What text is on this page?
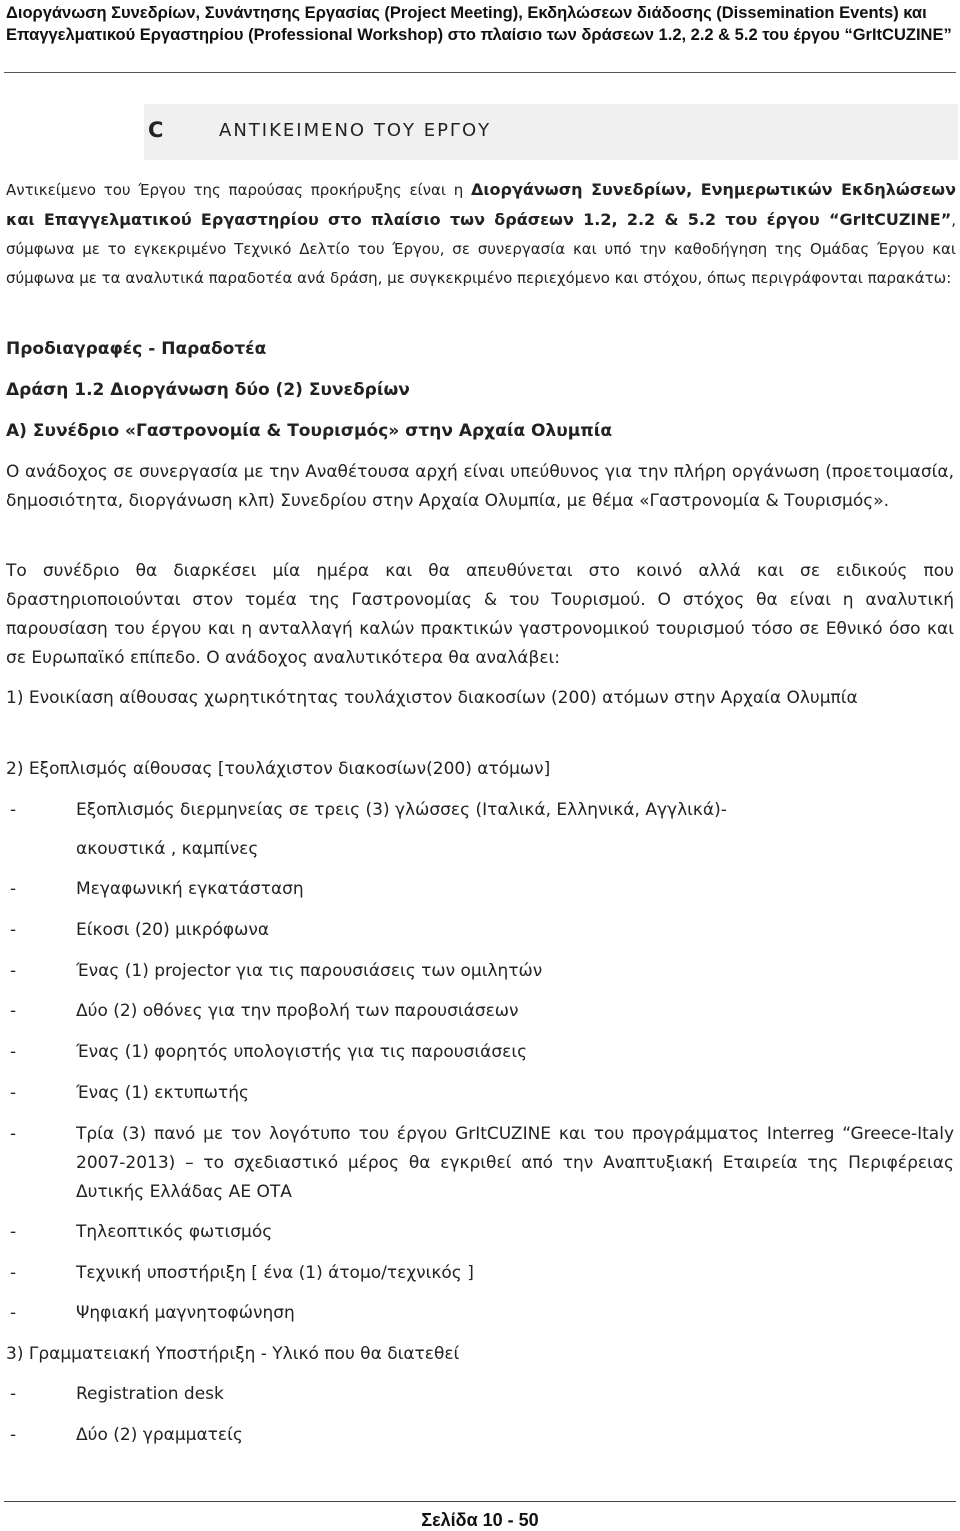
Διοργάνωση Συνεδρίων, Συνάντησης Εργασίας (Project Meeting), Εκδηλώσεων διάδοσης (Dissemination Events) και Επαγγελματικού Εργαστηρίου (Professional Workshop) στο πλαίσιο των δράσεων 1.2, 2.2 & 5.2 του έργου “GrItCUZINE”
C	ΑΝΤΙΚΕΙΜΕΝΟ ΤΟΥ ΕΡΓΟΥ
Αντικείμενο του Έργου της παρούσας προκήρυξης είναι η Διοργάνωση Συνεδρίων, Ενημερωτικών Εκδηλώσεων και Επαγγελματικού Εργαστηρίου στο πλαίσιο των δράσεων 1.2, 2.2 & 5.2 του έργου “GrItCUZINE”, σύμφωνα με το εγκεκριμένο Τεχνικό Δελτίο του Έργου, σε συνεργασία και υπό την καθοδήγηση της Ομάδας Έργου και σύμφωνα με τα αναλυτικά παραδοτέα ανά δράση, με συγκεκριμένο περιεχόμενο και στόχου, όπως περιγράφονται παρακάτω:
Προδιαγραφές - Παραδοτέα
Δράση 1.2 Διοργάνωση δύο (2) Συνεδρίων
Α) Συνέδριο «Γαστρονομία & Τουρισμός» στην Αρχαία Ολυμπία
Ο ανάδοχος σε συνεργασία με την Αναθέτουσα αρχή είναι υπεύθυνος για την πλήρη οργάνωση (προετοιμασία, δημοσιότητα, διοργάνωση κλπ) Συνεδρίου στην Αρχαία Ολυμπία, με θέμα «Γαστρονομία & Τουρισμός».
Το συνέδριο θα διαρκέσει μία ημέρα και θα απευθύνεται στο κοινό αλλά και σε ειδικούς που δραστηριοποιούνται στον τομέα της Γαστρονομίας & του Τουρισμού. Ο στόχος θα είναι η αναλυτική παρουσίαση του έργου και η ανταλλαγή καλών πρακτικών γαστρονομικού τουρισμού τόσο σε Εθνικό όσο και σε Ευρωπαϊκό επίπεδο. Ο ανάδοχος αναλυτικότερα θα αναλάβει:
1) Ενοικίαση αίθουσας χωρητικότητας τουλάχιστον διακοσίων (200) ατόμων στην Αρχαία Ολυμπία
2) Εξοπλισμός αίθουσας [τουλάχιστον διακοσίων(200) ατόμων]
-	Εξοπλισμός διερμηνείας σε τρεις (3) γλώσσες (Ιταλικά, Ελληνικά, Αγγλικά)-
ακουστικά , καμπίνες
-	Μεγαφωνική εγκατάσταση
-	Είκοσι (20) μικρόφωνα
-	Ένας (1) projector για τις παρουσιάσεις των ομιλητών
-	Δύο (2) οθόνες για την προβολή των παρουσιάσεων
-	Ένας (1) φορητός υπολογιστής για τις παρουσιάσεις
-	Ένας (1) εκτυπωτής
-	Τρία (3) πανό με τον λογότυπο του έργου GrItCUZINE και του προγράμματος Interreg “Greece-Italy 2007-2013) – το σχεδιαστικό μέρος θα εγκριθεί από την Αναπτυξιακή Εταιρεία της Περιφέρειας Δυτικής Ελλάδας ΑΕ ΟΤΑ
-	Τηλεοπτικός φωτισμός
-	Τεχνική υποστήριξη [ ένα (1) άτομο/τεχνικός ]
-	Ψηφιακή μαγνητοφώνηση
3) Γραμματειακή Υποστήριξη - Υλικό που θα διατεθεί
-	Registration desk
-	Δύο (2) γραμματείς
Σελίδα 10 - 50
